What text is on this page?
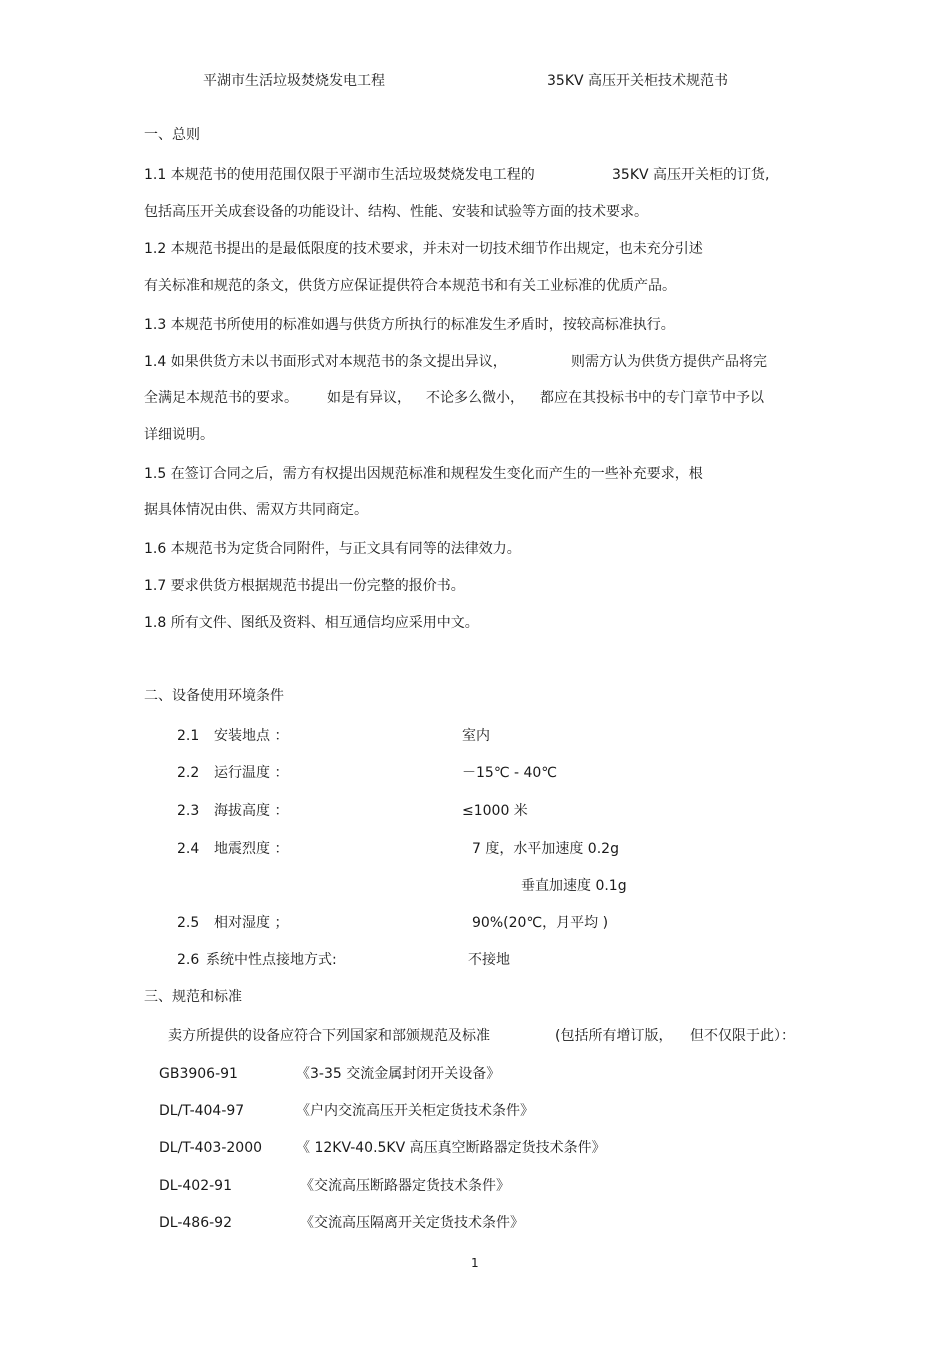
平湖市生活垃圾焚烧发电工程	35KV 高压开关柜技术规范书
一、总则
1.1 本规范书的使用范围仅限于平湖市生活垃圾焚烧发电工程的	35KV 高压开关柜的订货,
包括高压开关成套设备的功能设计、结构、性能、安装和试验等方面的技术要求。
1.2 本规范书提出的是最低限度的技术要求，并未对一切技术细节作出规定，也未充分引述
有关标准和规范的条文，供货方应保证提供符合本规范书和有关工业标准的优质产品。
1.3 本规范书所使用的标准如遇与供货方所执行的标准发生矛盾时，按较高标准执行。
1.4 如果供货方未以书面形式对本规范书的条文提出异议，	则需方认为供货方提供产品将完
全满足本规范书的要求。 如是有异议， 不论多么微小， 都应在其投标书中的专门章节中予以
详细说明。
1.5 在签订合同之后，需方有权提出因规范标准和规程发生变化而产生的一些补充要求，根
据具体情况由供、需双方共同商定。
1.6 本规范书为定货合同附件，与正文具有同等的法律效力。
1.7 要求供货方根据规范书提出一份完整的报价书。
1.8 所有文件、图纸及资料、相互通信均应采用中文。
二、设备使用环境条件
2.1 安装地点 ：	室内
2.2 运行温度 ：	－15℃ - 40℃
2.3 海拔高度 ：	≤1000 米
2.4 地震烈度 ：	7 度，水平加速度 0.2g
垂直加速度 0.1g
2.5 相对湿度 ；	90%(20℃，月平均 )
2.6 系统中性点接地方式:	不接地
三、规范和标准
卖方所提供的设备应符合下列国家和部颁规范及标准	(包括所有增订版， 但不仅限于此）：
GB3906-91	《3-35 交流金属封闭开关设备》
DL/T-404-97	《户内交流高压开关柜定货技术条件》
DL/T-403-2000 《 12KV-40.5KV 高压真空断路器定货技术条件》
DL-402-91	《交流高压断路器定货技术条件》
DL-486-92	《交流高压隔离开关定货技术条件》
1
